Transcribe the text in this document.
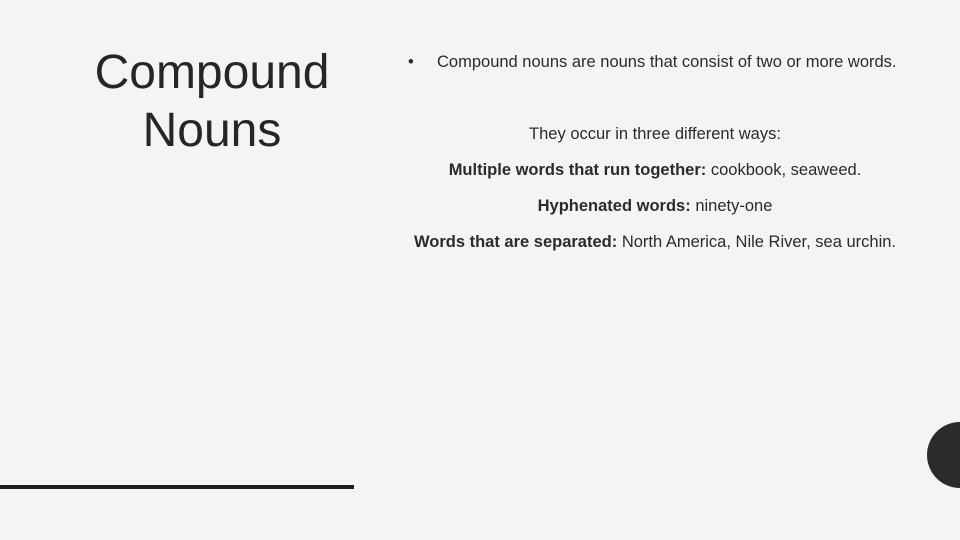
Compound
Nouns
• Compound nouns are nouns that consist of two or more words.
They occur in three different ways:
Multiple words that run together: cookbook, seaweed.
Hyphenated words: ninety-one
Words that are separated: North America, Nile River, sea urchin.
